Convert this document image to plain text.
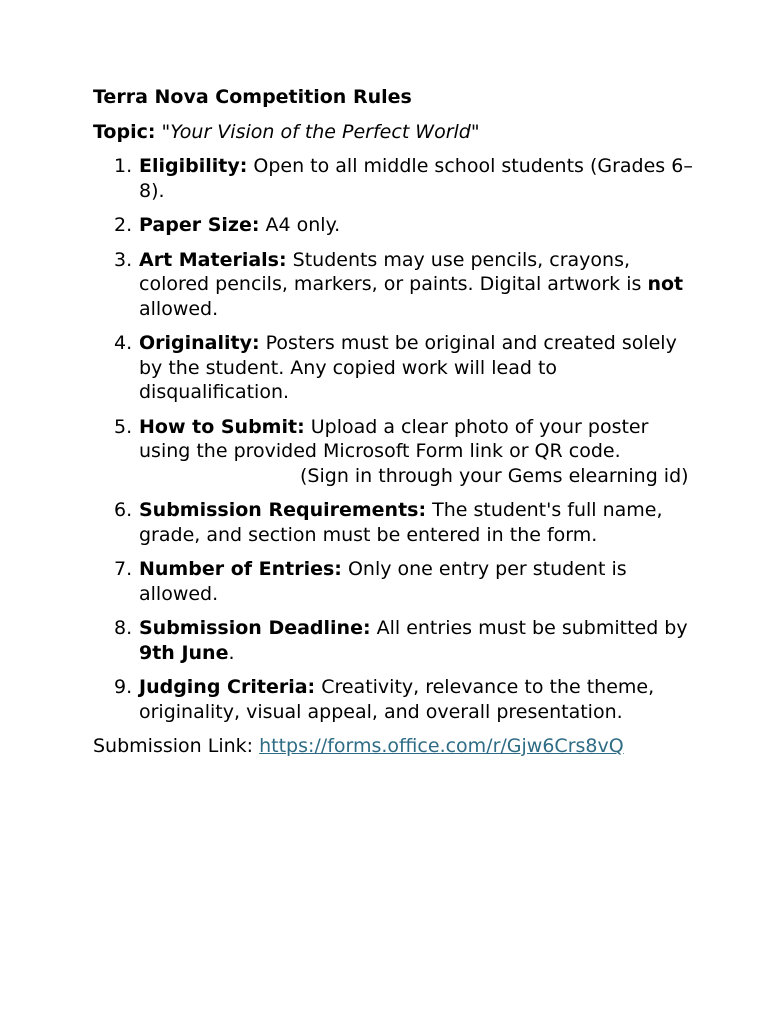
Terra Nova Competition Rules

Topic: "Your Vision of the Perfect World"

1. Eligibility: Open to all middle school students (Grades 6–8).
2. Paper Size: A4 only.
3. Art Materials: Students may use pencils, crayons, colored pencils, markers, or paints. Digital artwork is not allowed.
4. Originality: Posters must be original and created solely by the student. Any copied work will lead to disqualification.
5. How to Submit: Upload a clear photo of your poster using the provided Microsoft Form link or QR code.(Sign in through your Gems elearning id)
6. Submission Requirements: The student's full name, grade, and section must be entered in the form.
7. Number of Entries: Only one entry per student is allowed.
8. Submission Deadline: All entries must be submitted by 9th June.
9. Judging Criteria: Creativity, relevance to the theme, originality, visual appeal, and overall presentation.

Submission Link: https://forms.office.com/r/Gjw6Crs8vQ
